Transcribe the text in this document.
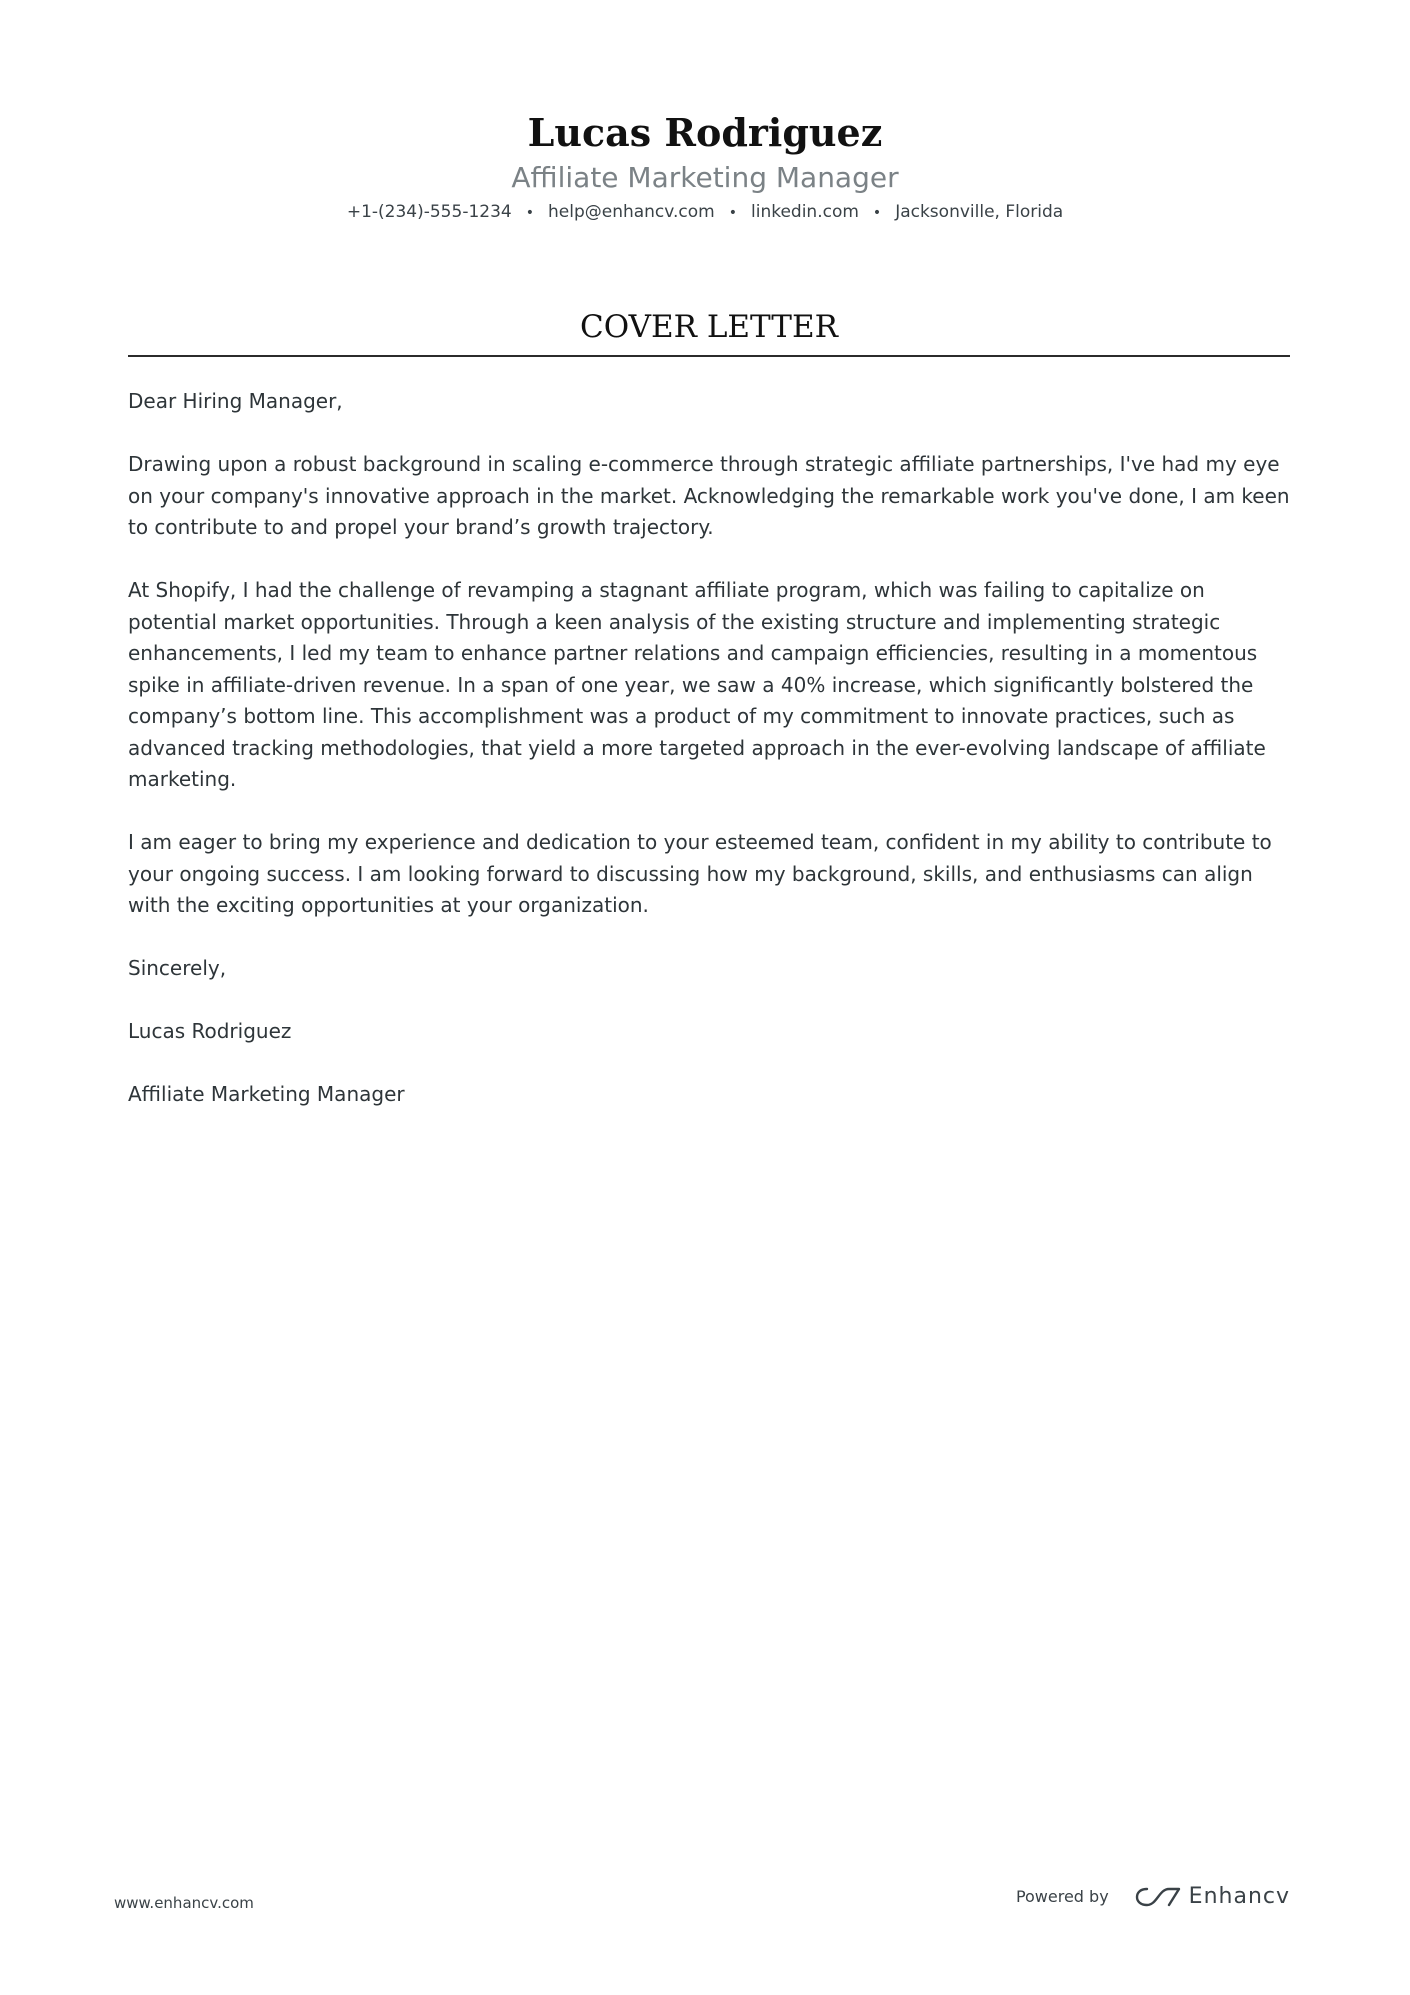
Lucas Rodriguez
Affiliate Marketing Manager
+1-(234)-555-1234 • help@enhancv.com • linkedin.com • Jacksonville, Florida
COVER LETTER

Dear Hiring Manager,

Drawing upon a robust background in scaling e-commerce through strategic affiliate partnerships, I've had my eye on your company's innovative approach in the market. Acknowledging the remarkable work you've done, I am keen to contribute to and propel your brand’s growth trajectory.

At Shopify, I had the challenge of revamping a stagnant affiliate program, which was failing to capitalize on potential market opportunities. Through a keen analysis of the existing structure and implementing strategic enhancements, I led my team to enhance partner relations and campaign efficiencies, resulting in a momentous spike in affiliate-driven revenue. In a span of one year, we saw a 40% increase, which significantly bolstered the company’s bottom line. This accomplishment was a product of my commitment to innovate practices, such as advanced tracking methodologies, that yield a more targeted approach in the ever-evolving landscape of affiliate marketing.

I am eager to bring my experience and dedication to your esteemed team, confident in my ability to contribute to your ongoing success. I am looking forward to discussing how my background, skills, and enthusiasms can align with the exciting opportunities at your organization.

Sincerely,

Lucas Rodriguez

Affiliate Marketing Manager

www.enhancv.com	Powered by	Enhancv
